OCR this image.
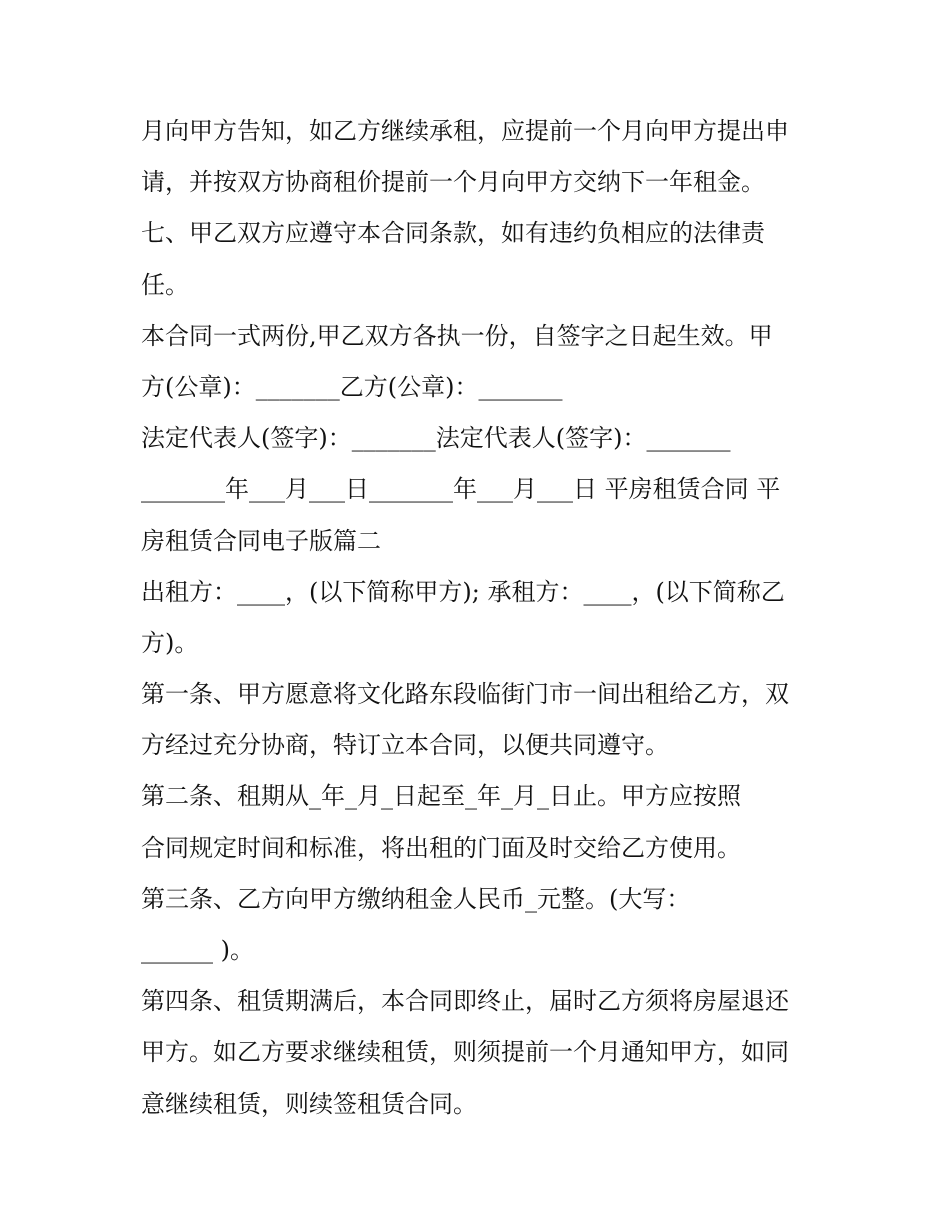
月向甲方告知，如乙方继续承租，应提前一个月向甲方提出申
请，并按双方协商租价提前一个月向甲方交纳下一年租金。
七、甲乙双方应遵守本合同条款，如有违约负相应的法律责
任。
本合同一式两份,甲乙双方各执一份，自签字之日起生效。甲
方(公章)：_______乙方(公章)：_______
法定代表人(签字)：_______法定代表人(签字)：_______
_______年___月___日_______年___月___日 平房租赁合同 平
房租赁合同电子版篇二
出租方：____，(以下简称甲方); 承租方：____，(以下简称乙
方)。
第一条、甲方愿意将文化路东段临街门市一间出租给乙方，双
方经过充分协商，特订立本合同，以便共同遵守。
第二条、租期从_年_月_日起至_年_月_日止。甲方应按照
合同规定时间和标准，将出租的门面及时交给乙方使用。
第三条、乙方向甲方缴纳租金人民币_元整。(大写：
______ )。
第四条、租赁期满后，本合同即终止，届时乙方须将房屋退还
甲方。如乙方要求继续租赁，则须提前一个月通知甲方，如同
意继续租赁，则续签租赁合同。
